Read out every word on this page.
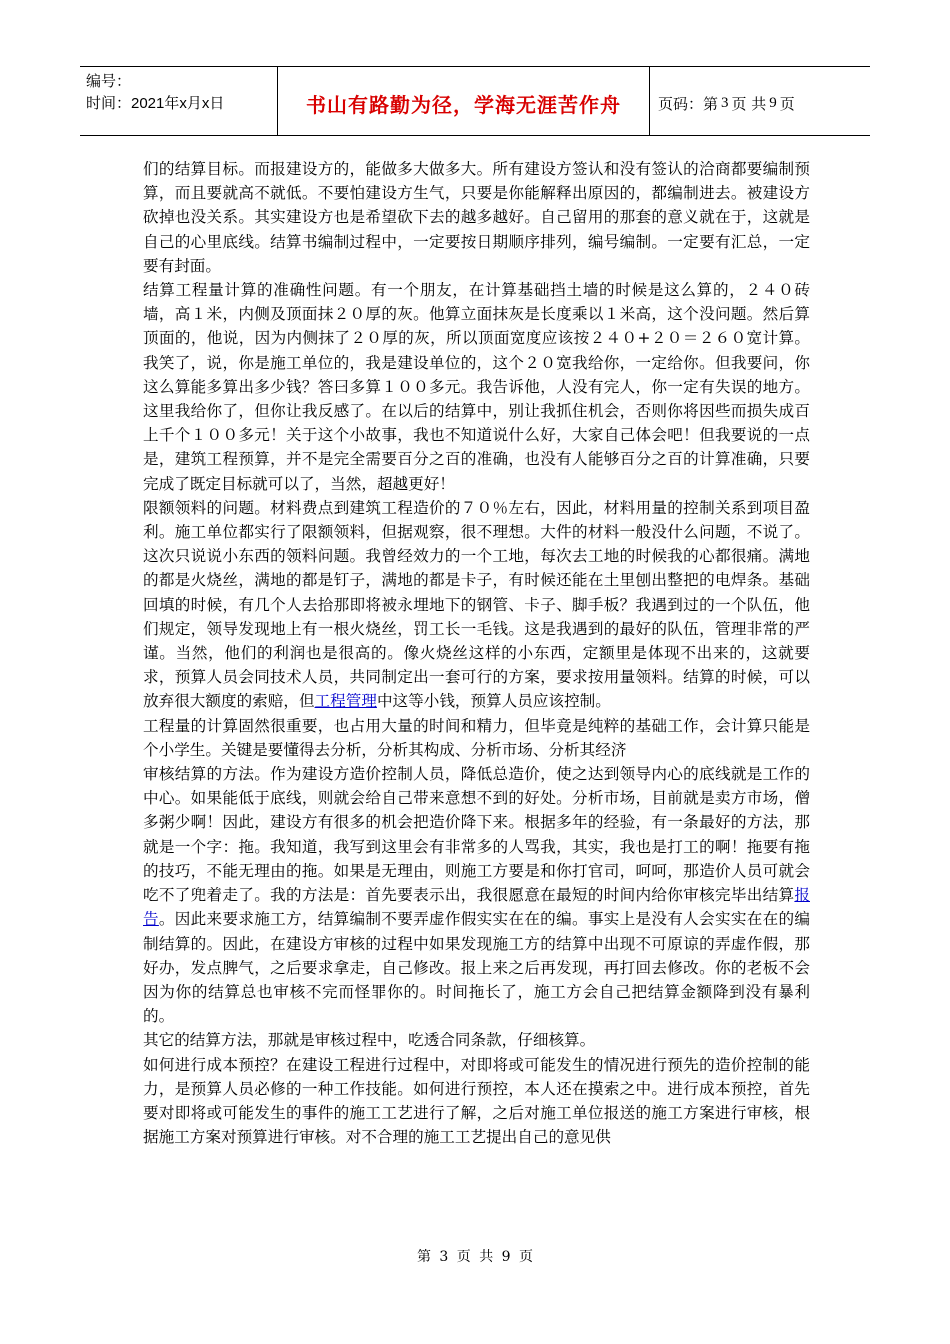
编号：
时间：2021年x月x日	书山有路勤为径，学海无涯苦作舟	页码：第 3 页 共 9 页

们的结算目标。而报建设方的，能做多大做多大。所有建设方签认和没有签认的洽商都要编制预算，而且要就高不就低。不要怕建设方生气，只要是你能解释出原因的，都编制进去。被建设方砍掉也没关系。其实建设方也是希望砍下去的越多越好。自己留用的那套的意义就在于，这就是自己的心里底线。结算书编制过程中，一定要按日期顺序排列，编号编制。一定要有汇总，一定要有封面。

结算工程量计算的准确性问题。有一个朋友，在计算基础挡土墙的时候是这么算的，２４０砖墙，高１米，内侧及顶面抹２０厚的灰。他算立面抹灰是长度乘以１米高，这个没问题。然后算顶面的，他说，因为内侧抹了２０厚的灰，所以顶面宽度应该按２４０+２０＝２６０宽计算。我笑了，说，你是施工单位的，我是建设单位的，这个２０宽我给你，一定给你。但我要问，你这么算能多算出多少钱？答曰多算１００多元。我告诉他，人没有完人，你一定有失误的地方。这里我给你了，但你让我反感了。在以后的结算中，别让我抓住机会，否则你将因些而损失成百上千个１００多元！关于这个小故事，我也不知道说什么好，大家自己体会吧！但我要说的一点是，建筑工程预算，并不是完全需要百分之百的准确，也没有人能够百分之百的计算准确，只要完成了既定目标就可以了，当然，超越更好！

限额领料的问题。材料费点到建筑工程造价的７０％左右，因此，材料用量的控制关系到项目盈利。施工单位都实行了限额领料，但据观察，很不理想。大件的材料一般没什么问题，不说了。这次只说说小东西的领料问题。我曾经效力的一个工地，每次去工地的时候我的心都很痛。满地的都是火烧丝，满地的都是钉子，满地的都是卡子，有时候还能在土里刨出整把的电焊条。基础回填的时候，有几个人去拾那即将被永埋地下的钢管、卡子、脚手板？我遇到过的一个队伍，他们规定，领导发现地上有一根火烧丝，罚工长一毛钱。这是我遇到的最好的队伍，管理非常的严谨。当然，他们的利润也是很高的。像火烧丝这样的小东西，定额里是体现不出来的，这就要求，预算人员会同技术人员，共同制定出一套可行的方案，要求按用量领料。结算的时候，可以放弃很大额度的索赔，但工程管理中这等小钱，预算人员应该控制。

工程量的计算固然很重要，也占用大量的时间和精力，但毕竟是纯粹的基础工作，会计算只能是个小学生。关键是要懂得去分析，分析其构成、分析市场、分析其经济

审核结算的方法。作为建设方造价控制人员，降低总造价，使之达到领导内心的底线就是工作的中心。如果能低于底线，则就会给自己带来意想不到的好处。分析市场，目前就是卖方市场，僧多粥少啊！因此，建设方有很多的机会把造价降下来。根据多年的经验，有一条最好的方法，那就是一个字：拖。我知道，我写到这里会有非常多的人骂我，其实，我也是打工的啊！拖要有拖的技巧，不能无理由的拖。如果是无理由，则施工方要是和你打官司，呵呵，那造价人员可就会吃不了兜着走了。我的方法是：首先要表示出，我很愿意在最短的时间内给你审核完毕出结算报告。因此来要求施工方，结算编制不要弄虚作假实实在在的编。事实上是没有人会实实在在的编制结算的。因此，在建设方审核的过程中如果发现施工方的结算中出现不可原谅的弄虚作假，那好办，发点脾气，之后要求拿走，自己修改。报上来之后再发现，再打回去修改。你的老板不会因为你的结算总也审核不完而怪罪你的。时间拖长了，施工方会自己把结算金额降到没有暴利的。

其它的结算方法，那就是审核过程中，吃透合同条款，仔细核算。

如何进行成本预控？在建设工程进行过程中，对即将或可能发生的情况进行预先的造价控制的能力，是预算人员必修的一种工作技能。如何进行预控，本人还在摸索之中。进行成本预控，首先要对即将或可能发生的事件的施工工艺进行了解，之后对施工单位报送的施工方案进行审核，根据施工方案对预算进行审核。对不合理的施工工艺提出自己的意见供

第 3 页 共 9 页
